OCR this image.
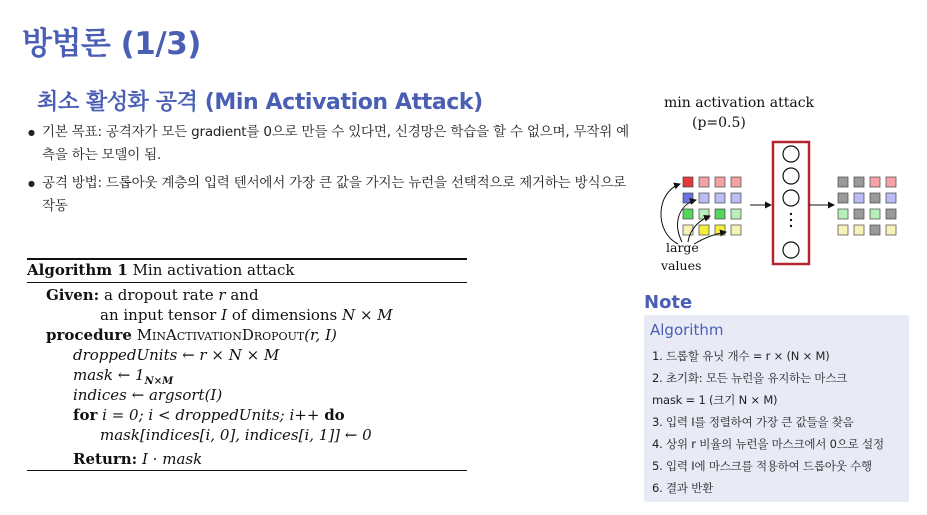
방법론 (1/3)
최소 활성화 공격 (Min Activation Attack)
● 기본 목표: 공격자가 모든 gradient를 0으로 만들 수 있다면, 신경망은 학습을 할 수 없으며, 무작위 예측을 하는 모델이 됨.
● 공격 방법: 드롭아웃 계층의 입력 텐서에서 가장 큰 값을 가지는 뉴런을 선택적으로 제거하는 방식으로 작동
Algorithm 1 Min activation attack
Given: a dropout rate r and
an input tensor I of dimensions N × M
procedure MinActivationDropout(r, I)
droppedUnits ← r × N × M
mask ← $1_{N\times M}$
indices ← argsort(I)
for i = 0; i < droppedUnits; i++ do
mask[indices[i, 0], indices[i, 1]] ← 0
Return: I · mask
min activation attack
(p=0.5)
large
values
Note
Algorithm
1. 드롭할 유닛 개수 = r × (N × M)
2. 초기화: 모든 뉴런을 유지하는 마스크
mask = 1 (크기 N × M)
3. 입력 I를 정렬하여 가장 큰 값들을 찾음
4. 상위 r 비율의 뉴런을 마스크에서 0으로 설정
5. 입력 I에 마스크를 적용하여 드롭아웃 수행
6. 결과 반환
